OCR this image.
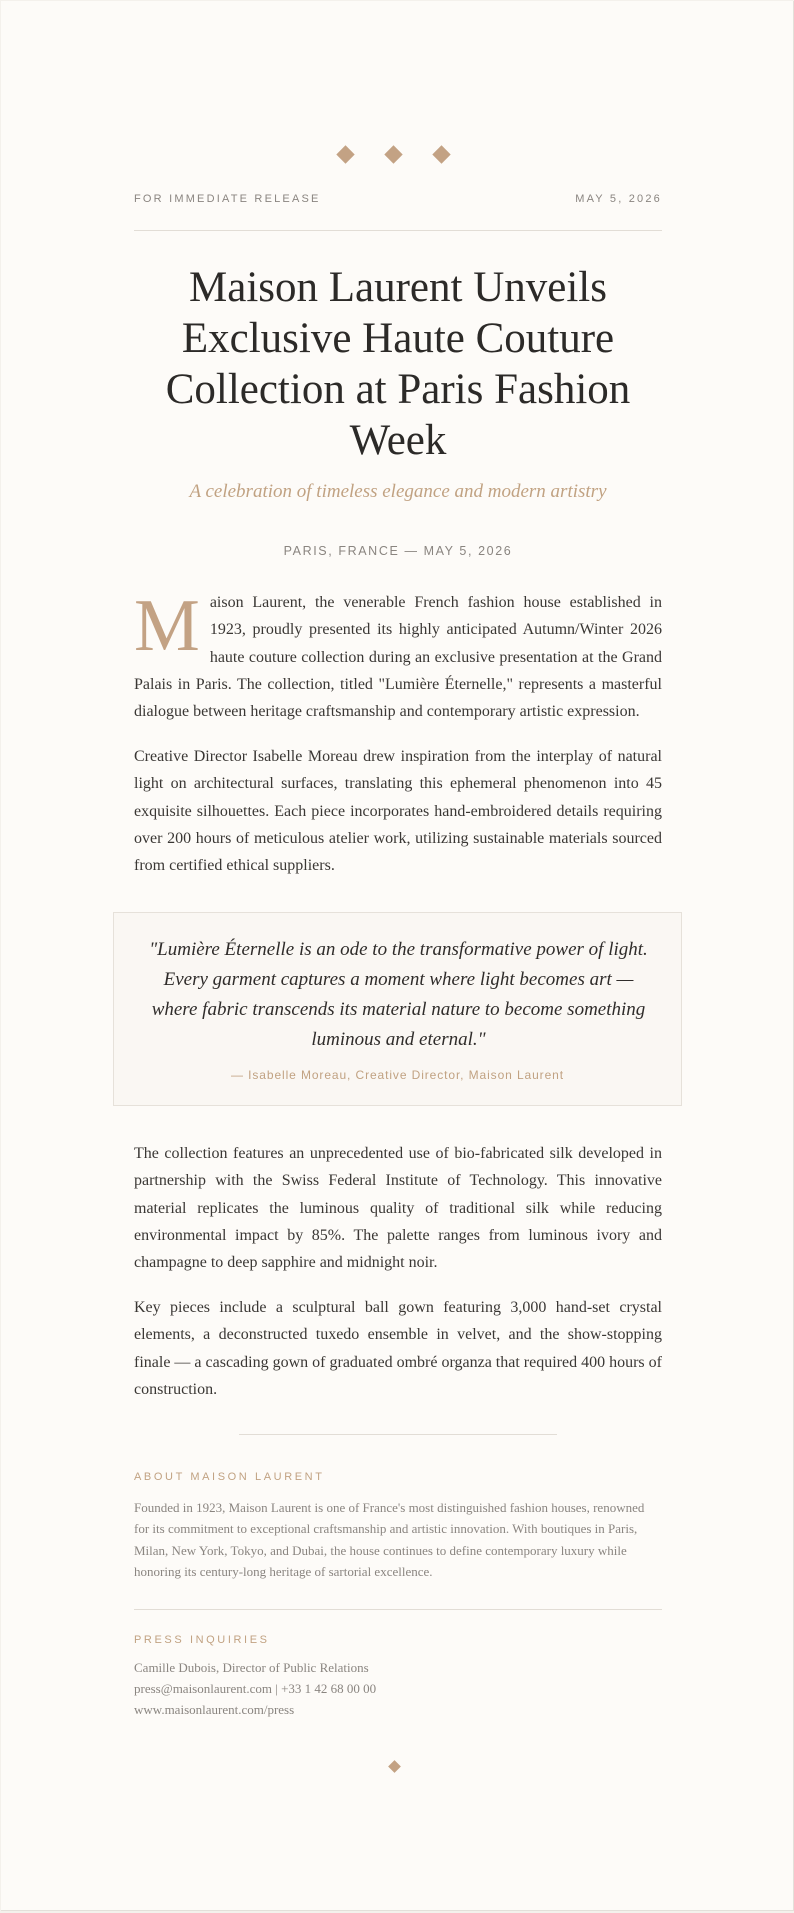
FOR IMMEDIATE RELEASE	MAY 5, 2026
Maison Laurent Unveils Exclusive Haute Couture Collection at Paris Fashion Week
A celebration of timeless elegance and modern artistry
PARIS, FRANCE — MAY 5, 2026

Maison Laurent, the venerable French fashion house established in 1923, proudly presented its highly anticipated Autumn/Winter 2026 haute couture collection during an exclusive presentation at the Grand Palais in Paris. The collection, titled "Lumière Éternelle," represents a masterful dialogue between heritage craftsmanship and contemporary artistic expression.

Creative Director Isabelle Moreau drew inspiration from the interplay of natural light on architectural surfaces, translating this ephemeral phenomenon into 45 exquisite silhouettes. Each piece incorporates hand-embroidered details requiring over 200 hours of meticulous atelier work, utilizing sustainable materials sourced from certified ethical suppliers.

"Lumière Éternelle is an ode to the transformative power of light. Every garment captures a moment where light becomes art — where fabric transcends its material nature to become something luminous and eternal."

— Isabelle Moreau, Creative Director, Maison Laurent

The collection features an unprecedented use of bio-fabricated silk developed in partnership with the Swiss Federal Institute of Technology. This innovative material replicates the luminous quality of traditional silk while reducing environmental impact by 85%. The palette ranges from luminous ivory and champagne to deep sapphire and midnight noir.

Key pieces include a sculptural ball gown featuring 3,000 hand-set crystal elements, a deconstructed tuxedo ensemble in velvet, and the show-stopping finale — a cascading gown of graduated ombré organza that required 400 hours of construction.

ABOUT MAISON LAURENT

Founded in 1923, Maison Laurent is one of France's most distinguished fashion houses, renowned for its commitment to exceptional craftsmanship and artistic innovation. With boutiques in Paris, Milan, New York, Tokyo, and Dubai, the house continues to define contemporary luxury while honoring its century-long heritage of sartorial excellence.

PRESS INQUIRIES
Camille Dubois, Director of Public Relations
press@maisonlaurent.com | +33 1 42 68 00 00
www.maisonlaurent.com/press
